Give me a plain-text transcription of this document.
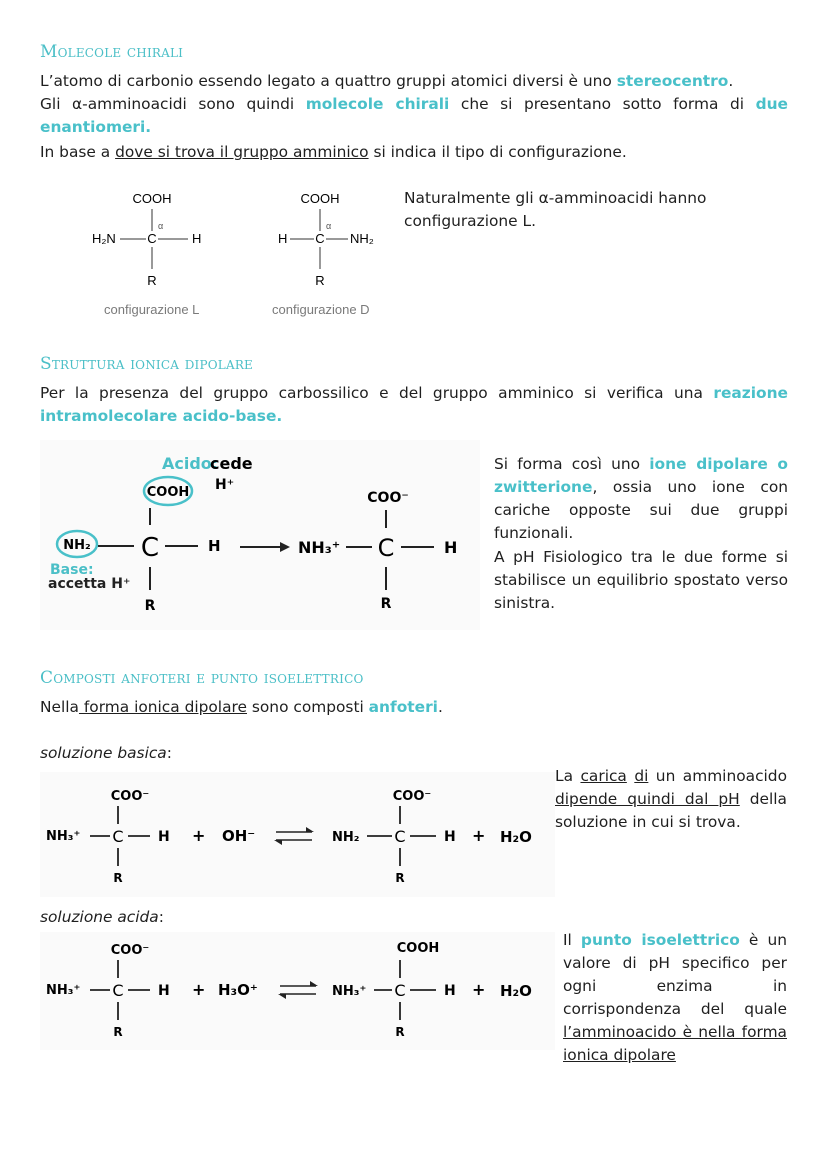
Molecole chirali
L’atomo di carbonio essendo legato a quattro gruppi atomici diversi è uno stereocentro.
Gli α-amminoacidi sono quindi molecole chirali che si presentano sotto forma di due enantiomeri.
In base a dove si trova il gruppo amminico si indica il tipo di configurazione.
COOH
α
H₂N C	H
R
COOH
α
H C NH₂
R
configurazione L	configurazione D
Naturalmente gli α-amminoacidi hanno configurazione L.
Struttura ionica dipolare
Per la presenza del gruppo carbossilico e del gruppo amminico si verifica una reazione intramolecolare acido-base.
Acido:
cede
H⁺
COOH
NH₂ C	H
Base:
accetta H⁺
R
NH₃⁺
COO⁻
C	H
R
Si forma così uno ione dipolare o zwitterione, ossia uno ione con cariche opposte sui due gruppi funzionali.
A pH Fisiologico tra le due forme si stabilisce un equilibrio spostato verso sinistra.
Composti anfoteri e punto isoelettrico
Nella forma ionica dipolare sono composti anfoteri.
soluzione basica:
COO⁻
NH₃⁺ C H
R
+ OH⁻	NH₂
COO⁻
C	H
R
+ H₂O
La carica di un amminoacido dipende quindi dal pH della soluzione in cui si trova.
soluzione acida:
COO⁻
NH₃⁺ C H
R
+ H₃O⁺	NH₃⁺
COOH
C	H
R
+ H₂O
Il punto isoelettrico è un valore di pH specifico per ogni enzima in corrispondenza del quale l’amminoacido è nella forma ionica dipolare
